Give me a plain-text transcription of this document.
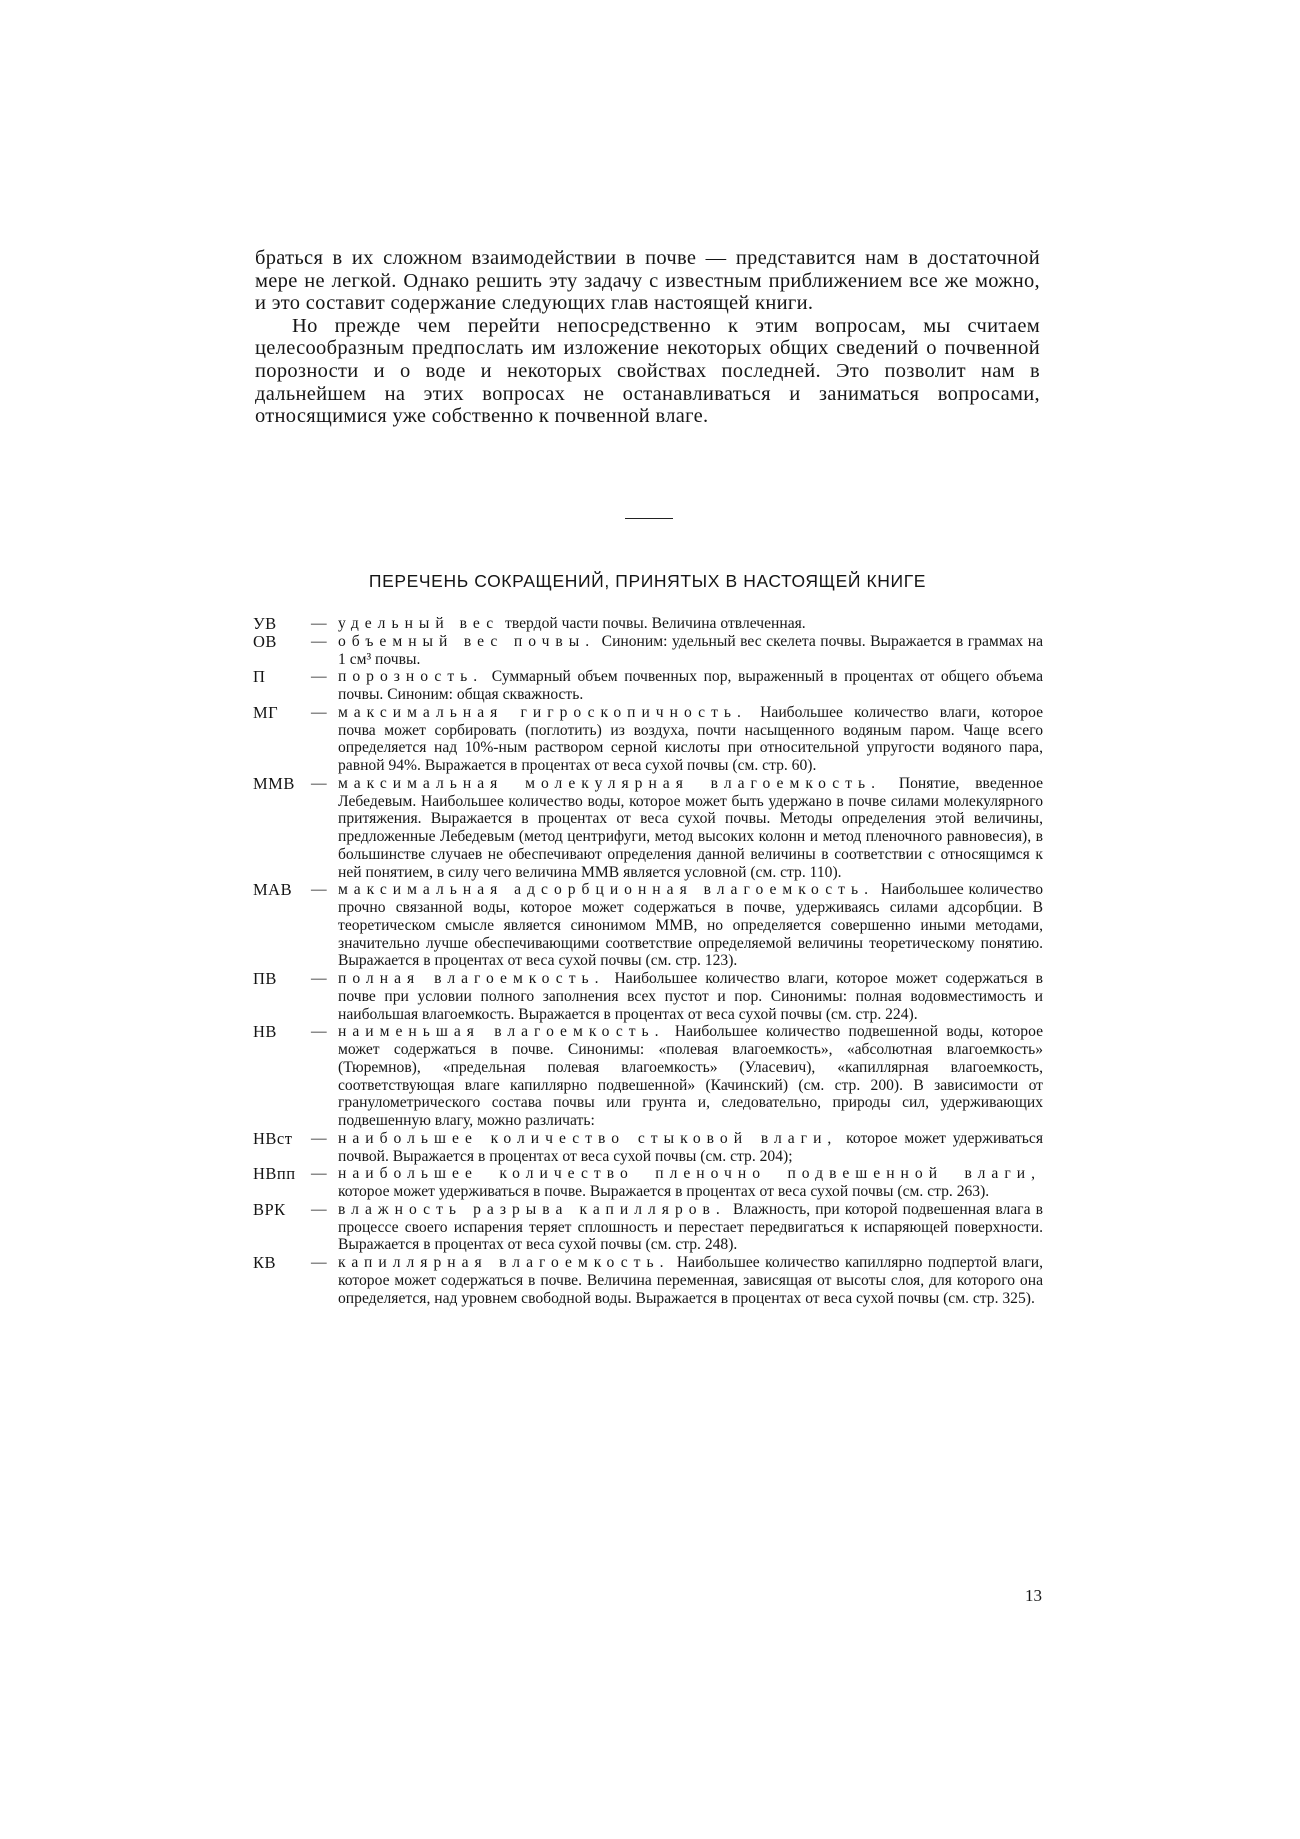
браться в их сложном взаимодействии в почве — представится нам в достаточной мере не легкой. Однако решить эту задачу с известным приближением все же можно, и это составит содержание следующих глав настоящей книги.

Но прежде чем перейти непосредственно к этим вопросам, мы считаем целесообразным предпослать им изложение некоторых общих сведений о почвенной порозности и о воде и некоторых свойствах последней. Это позволит нам в дальнейшем на этих вопросах не останавливаться и заниматься вопросами, относящимися уже собственно к почвенной влаге.

ПЕРЕЧЕНЬ СОКРАЩЕНИЙ, ПРИНЯТЫХ В НАСТОЯЩЕЙ КНИГЕ
УВ — удельный вес твердой части почвы. Величина отвлеченная.
ОВ — объемный вес почвы. Синоним: удельный вес скелета почвы. Выражается в граммах на 1 см³ почвы.
П	— порозность. Суммарный объем почвенных пор, выраженный в процентах от общего объема почвы. Синоним: общая скважность.
МГ — максимальная гигроскопичность. Наибольшее количество влаги, которое почва может сорбировать (поглотить) из воздуха, почти насыщенного водяным паром. Чаще всего определяется над 10%-ным раствором серной кислоты при относительной упругости водяного пара, равной 94%. Выражается в процентах от веса сухой почвы (см. стр. 60).
ММВ — максимальная молекулярная влагоемкость. Понятие, введенное Лебедевым. Наибольшее количество воды, которое может быть удержано в почве силами молекулярного притяжения. Выражается в процентах от веса сухой почвы. Методы определения этой величины, предложенные Лебедевым (метод центрифуги, метод высоких колонн и метод пленочного равновесия), в большинстве случаев не обеспечивают определения данной величины в соответствии с относящимся к ней понятием, в силу чего величина ММВ является условной (см. стр. 110).
МАВ — максимальная адсорбционная влагоемкость. Наибольшее количество прочно связанной воды, которое может содержаться в почве, удерживаясь силами адсорбции. В теоретическом смысле является синонимом ММВ, но определяется совершенно иными методами, значительно лучше обеспечивающими соответствие определяемой величины теоретическому понятию. Выражается в процентах от веса сухой почвы (см. стр. 123).
ПВ — полная влагоемкость. Наибольшее количество влаги, которое может содержаться в почве при условии полного заполнения всех пустот и пор. Синонимы: полная водовместимость и наибольшая влагоемкость. Выражается в процентах от веса сухой почвы (см. стр. 224).
НВ — наименьшая влагоемкость. Наибольшее количество подвешенной воды, которое может содержаться в почве. Синонимы: «полевая влагоемкость», «абсолютная влагоемкость» (Тюремнов), «предельная полевая влагоемкость» (Уласевич), «капиллярная влагоемкость, соответствующая влаге капиллярно подвешенной» (Качинский) (см. стр. 200). В зависимости от гранулометрического состава почвы или грунта и, следовательно, природы сил, удерживающих подвешенную влагу, можно различать:
НВст — наибольшее количество стыковой влаги, которое может удерживаться почвой. Выражается в процентах от веса сухой почвы (см. стр. 204);
НВпп — наибольшее количество пленочно подвешенной влаги, которое может удерживаться в почве. Выражается в процентах от веса сухой почвы (см. стр. 263).
ВРК — влажность разрыва капилляров. Влажность, при которой подвешенная влага в процессе своего испарения теряет сплошность и перестает передвигаться к испаряющей поверхности. Выражается в процентах от веса сухой почвы (см. стр. 248).
КВ — капиллярная влагоемкость. Наибольшее количество капиллярно подпертой влаги, которое может содержаться в почве. Величина переменная, зависящая от высоты слоя, для которого она определяется, над уровнем свободной воды. Выражается в процентах от веса сухой почвы (см. стр. 325).
13
